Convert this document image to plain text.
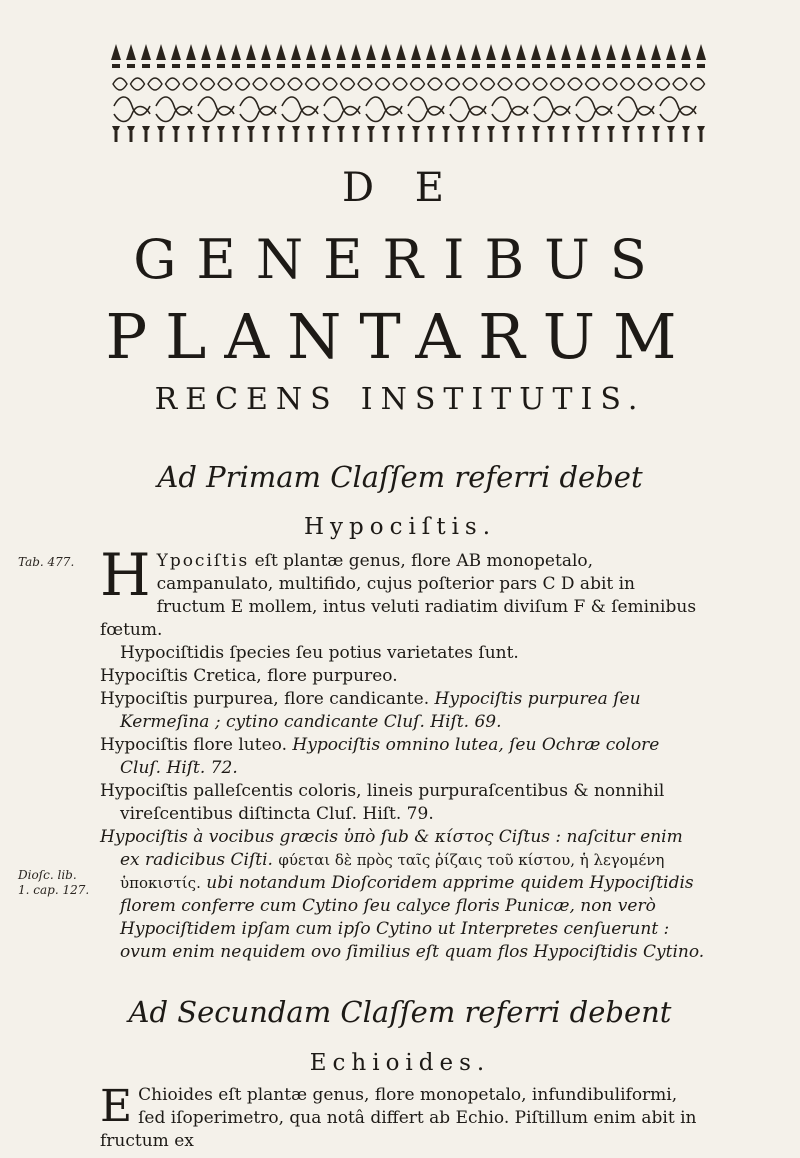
D E
GENERIBUS
PLANTARUM
RECENS INSTITUTIS.
Ad Primam Claſſem referri debet
Hypociſtis.
Tab. 477. H Ypociſtis eſt plantæ genus, flore AB monopetalo, campanulato, multifido, cujus poſterior pars C D abit in fructum E mollem, intus veluti radiatim diviſum F & ſeminibus fœtum.

Hypociſtidis ſpecies ſeu potius varietates ſunt.

Hypociſtis Cretica, flore purpureo.

Hypociſtis purpurea, flore candicante. Hypociſtis purpurea ſeu Kermeſina ; cytino candicante Cluſ. Hiſt. 69.

Hypociſtis flore luteo. Hypociſtis omnino lutea, ſeu Ochræ colore Cluſ. Hiſt. 72.

Hypociſtis palleſcentis coloris, lineis purpuraſcentibus & nonnihil vireſcentibus diſtincta Cluſ. Hiſt. 79.

Hypociſtis à vocibus græcis ὑπὸ ſub & κίστος Ciſtus : naſcitur enim ex radicibus Ciſti. φύεται δὲ πρὸς ταῖς ῥίζαις τοῦ κίστου, ἡ λεγομένη ὑποκιστίς. ubi notandum Dioſcoridem apprime quidem Hypociſtidis florem conferre cum Cytino ſeu calyce floris Punicæ, non verò Hypociſtidem ipſam cum ipſo Cytino ut Interpretes cenſuerunt : ovum enim nequidem ovo ſimilius eſt quam flos Hypociſtidis Cytino.

Dioſc. lib. 1. cap. 127.
Ad Secundam Claſſem referri debent
Echioides.

E Chioides eſt plantæ genus, flore monopetalo, infundibuliformi, ſed iſoperimetro, qua notâ differt ab Echio. Piſtillum enim abit in fructum ex
